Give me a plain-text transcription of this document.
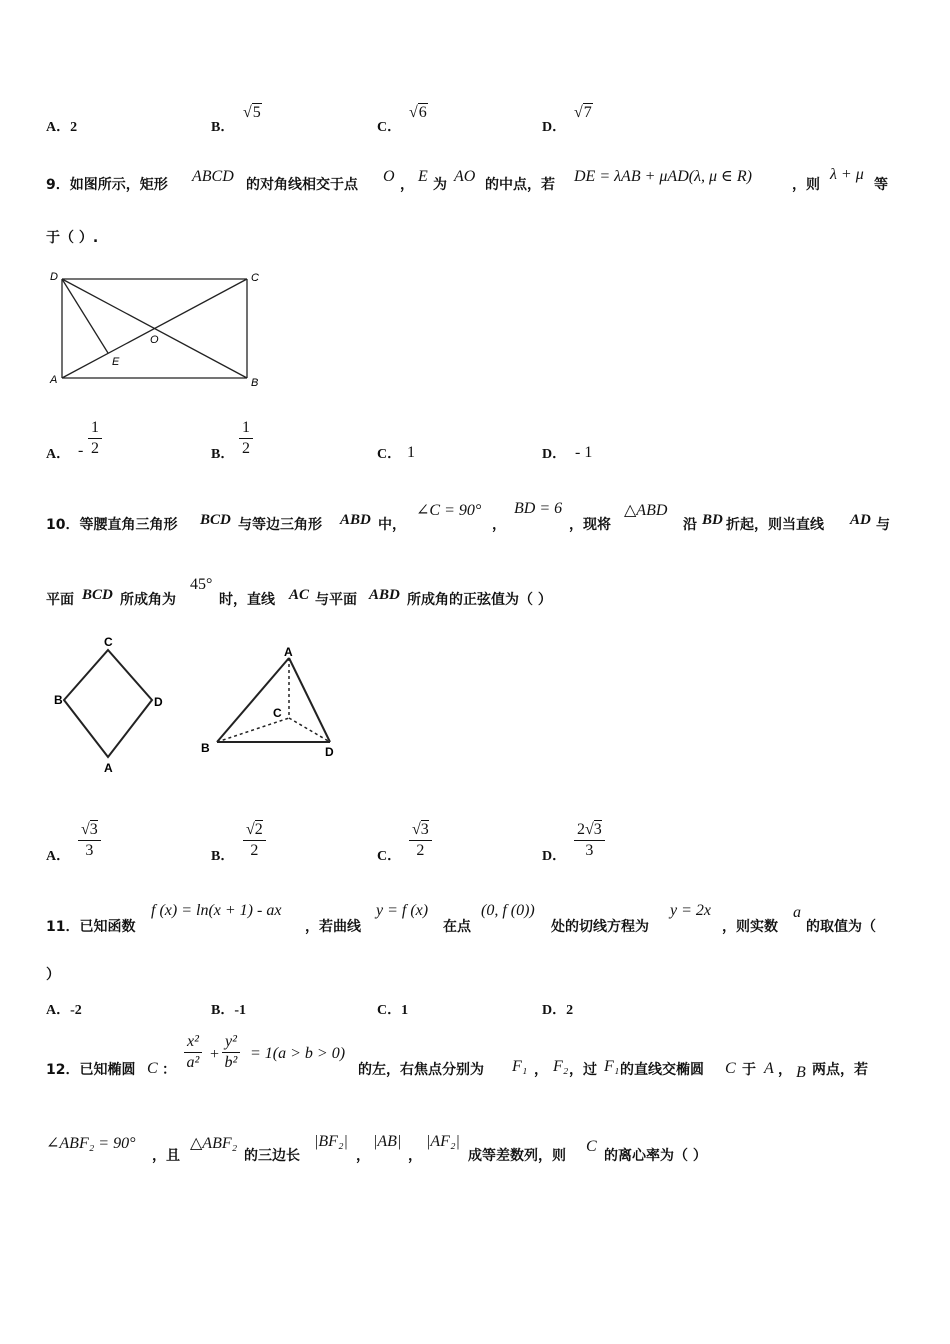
A．2	B．
√5
C．
√6
D．
√7
9．如图所示，矩形 ABCD 的对角线相交于点 O ， E 为 AO 的中点，若 DE = λAB + μAD(λ, μ ∈ R)	，则
λ + μ
等
于（ ）.
D	C
A	B
O
E
A． - $\frac{1}{2}$	B． $\frac{1}{2}$	C． 1	D． - 1
10．等腰直角三角形 BCD 与等边三角形 ABD 中，
∠C = 90°
，
BD = 6
，现将
△ABD
沿 BD 折起，则当直线 AD 与
平面 BCD 所成角为
45°
时，直线 AC 与平面 ABD 所成角的正弦值为（ ）
C
B	D
A
A
C
B	D
A． $\frac{√3}{3}$	B． $\frac{√2}{2}$	C． $\frac{√3}{2}$	D． $\frac{2√3}{3}$
11．已知函数
f (x) = ln(x + 1) - ax
，若曲线
y = f (x)
在点
(0, f (0))
处的切线方程为
y = 2x
，则实数
a
的取值为（
）
A．-2	B．-1	C．1	D．2
12．已知椭圆 C ： $\frac{\text{x²}}{\text{a²}} + \frac{\text{y²}}{\text{b²}} = 1(a > b > 0)$
的左，右焦点分别为 F₁ ， F₂ ，过 F₁ 的直线交椭圆 C 于 A ， B 两点，若
∠ABF₂ = 90°
，且
△ABF₂
的三边长
|BF₂|
，
|AB|
，
|AF₂|
成等差数列，则
C
的离心率为（ ）
